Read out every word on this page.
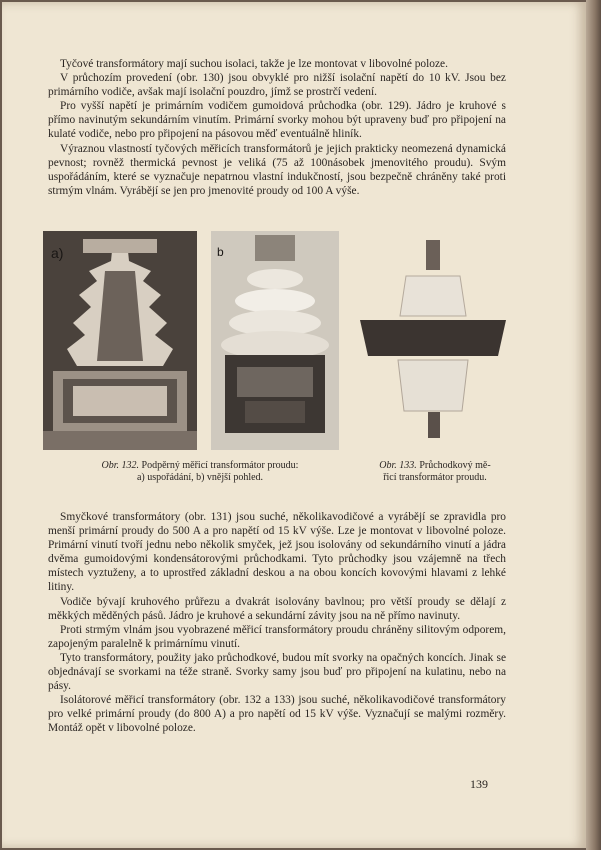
Tyčové transformátory mají suchou isolaci, takže je lze montovat v libovolné poloze.

V průchozím provedení (obr. 130) jsou obvyklé pro nižší isolační napětí do 10 kV. Jsou bez primárního vodiče, avšak mají isolační pouzdro, jímž se prostrčí vedení.

Pro vyšší napětí je primárním vodičem gumoidová průchodka (obr. 129). Jádro je kruhové s přímo navinutým sekundárním vinutím. Primární svorky mohou být upraveny buď pro připojení na kulaté vodiče, nebo pro připojení na pásovou měď eventuálně hliník.

Výraznou vlastností tyčových měřicích transformátorů je jejich prakticky neomezená dynamická pevnost; rovněž thermická pevnost je veliká (75 až 100násobek jmenovitého proudu). Svým uspořádáním, které se vyznačuje nepatrnou vlastní indukčností, jsou bezpečně chráněny také proti strmým vlnám. Vyrábějí se jen pro jmenovité proudy od 100 A výše.

a)	b
Obr. 132. Podpěrný měřicí transformátor proudu:
a) uspořádání, b) vnější pohled.
Obr. 133. Průchodkový mě-
řicí transformátor proudu.

Smyčkové transformátory (obr. 131) jsou suché, několikavodičové a vyrábějí se zpravidla pro menší primární proudy do 500 A a pro napětí od 15 kV výše. Lze je montovat v libovolné poloze. Primární vinutí tvoří jednu nebo několik smyček, jež jsou isolovány od sekundárního vinutí a jádra dvěma gumoidovými kondensátorovými průchodkami. Tyto průchodky jsou vzájemně na třech místech vyztuženy, a to uprostřed základní deskou a na obou koncích kovovými hlavami z lehké litiny.

Vodiče bývají kruhového průřezu a dvakrát isolovány bavlnou; pro větší proudy se dělají z měkkých měděných pásů. Jádro je kruhové a sekundární závity jsou na ně přímo navinuty.

Proti strmým vlnám jsou vyobrazené měřicí transformátory proudu chráněny silitovým odporem, zapojeným paralelně k primárnímu vinutí.

Tyto transformátory, použity jako průchodkové, budou mít svorky na opačných koncích. Jinak se objednávají se svorkami na téže straně. Svorky samy jsou buď pro připojení na kulatinu, nebo na pásy.

Isolátorové měřicí transformátory (obr. 132 a 133) jsou suché, několikavodičové transformátory pro velké primární proudy (do 800 A) a pro napětí od 15 kV výše. Vyznačují se malými rozměry. Montáž opět v libovolné poloze.

139
